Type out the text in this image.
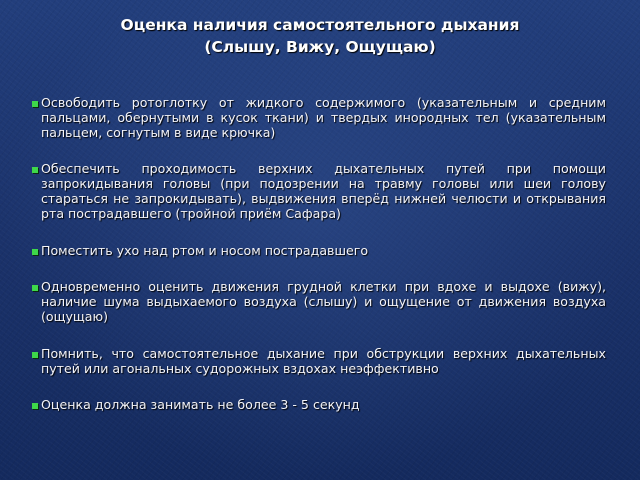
Оценка наличия самостоятельного дыхания
(Слышу, Вижу, Ощущаю)
Освободить ротоглотку от жидкого содержимого (указательным и средним пальцами, обернутыми в кусок ткани) и твердых инородных тел (указательным пальцем, согнутым в виде крючка)
Обеспечить проходимость верхних дыхательных путей при помощи запрокидывания головы (при подозрении на травму головы или шеи голову стараться не запрокидывать), выдвижения вперёд нижней челюсти и открывания рта пострадавшего (тройной приём Сафара)
Поместить ухо над ртом и носом пострадавшего
Одновременно оценить движения грудной клетки при вдохе и выдохе (вижу), наличие шума выдыхаемого воздуха (слышу) и ощущение от движения воздуха (ощущаю)
Помнить, что самостоятельное дыхание при обструкции верхних дыхательных путей или агональных судорожных вздохах неэффективно
Оценка должна занимать не более 3 - 5 секунд
